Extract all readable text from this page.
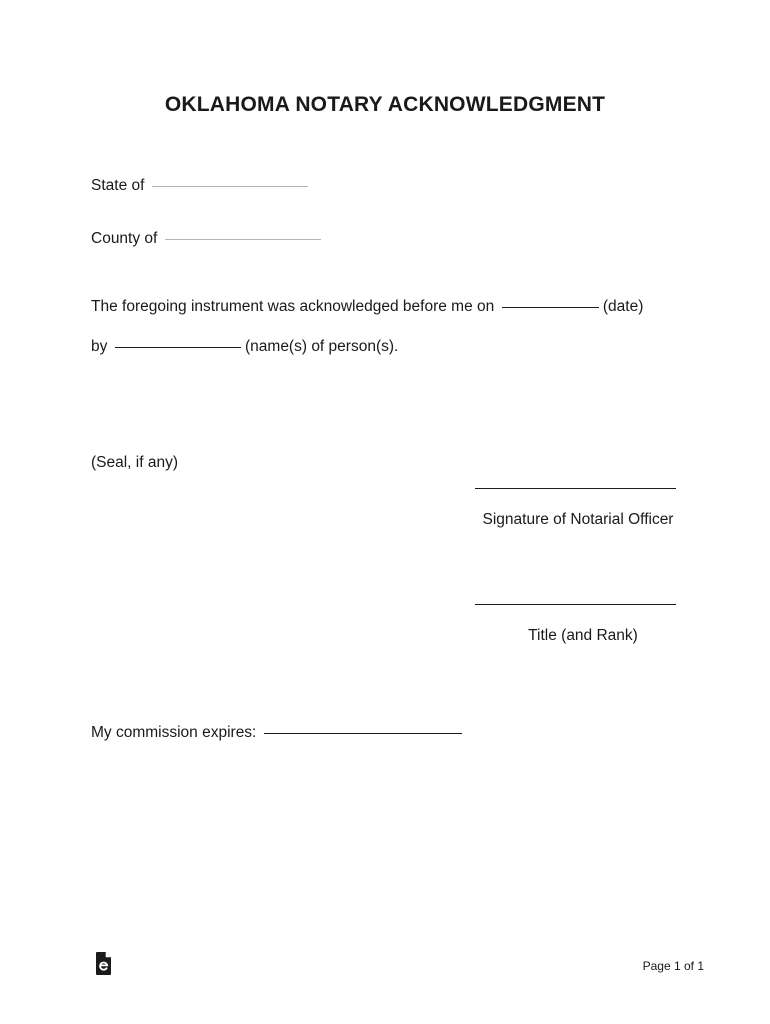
OKLAHOMA NOTARY ACKNOWLEDGMENT
State of
County of
The foregoing instrument was acknowledged before me on	(date)
by	(name(s) of person(s).
(Seal, if any)
Signature of Notarial Officer
Title (and Rank)
My commission expires:
Page 1 of 1
